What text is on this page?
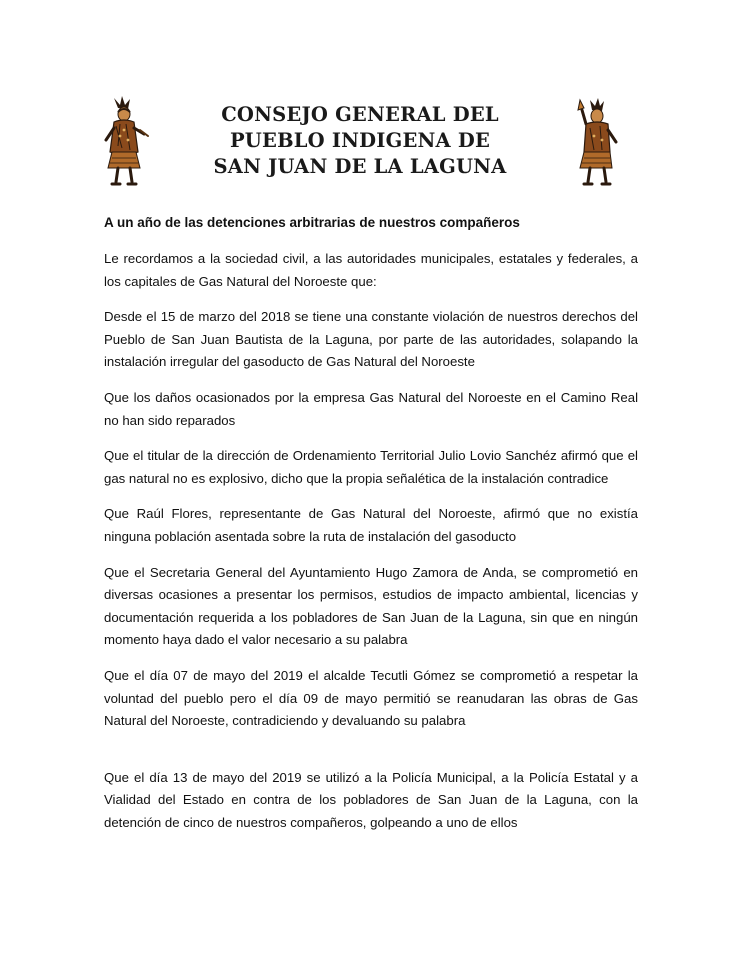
CONSEJO GENERAL DEL
PUEBLO INDIGENA DE
SAN JUAN DE LA LAGUNA

A un año de las detenciones arbitrarias de nuestros compañeros

Le recordamos a la sociedad civil, a las autoridades municipales, estatales y federales, a los capitales de Gas Natural del Noroeste que:

Desde el 15 de marzo del 2018 se tiene una constante violación de nuestros derechos del Pueblo de San Juan Bautista de la Laguna, por parte de las autoridades, solapando la instalación irregular del gasoducto de Gas Natural del Noroeste

Que los daños ocasionados por la empresa Gas Natural del Noroeste en el Camino Real no han sido reparados

Que el titular de la dirección de Ordenamiento Territorial Julio Lovio Sanchéz afirmó que el gas natural no es explosivo, dicho que la propia señalética de la instalación contradice

Que Raúl Flores, representante de Gas Natural del Noroeste, afirmó que no existía ninguna población asentada sobre la ruta de instalación del gasoducto

Que el Secretaria General del Ayuntamiento Hugo Zamora de Anda, se comprometió en diversas ocasiones a presentar los permisos, estudios de impacto ambiental, licencias y documentación requerida a los pobladores de San Juan de la Laguna, sin que en ningún momento haya dado el valor necesario a su palabra

Que el día 07 de mayo del 2019 el alcalde Tecutli Gómez se comprometió a respetar la voluntad del pueblo pero el día 09 de mayo permitió se reanudaran las obras de Gas Natural del Noroeste, contradiciendo y devaluando su palabra

Que el día 13 de mayo del 2019 se utilizó a la Policía Municipal, a la Policía Estatal y a Vialidad del Estado en contra de los pobladores de San Juan de la Laguna, con la detención de cinco de nuestros compañeros, golpeando a uno de ellos
